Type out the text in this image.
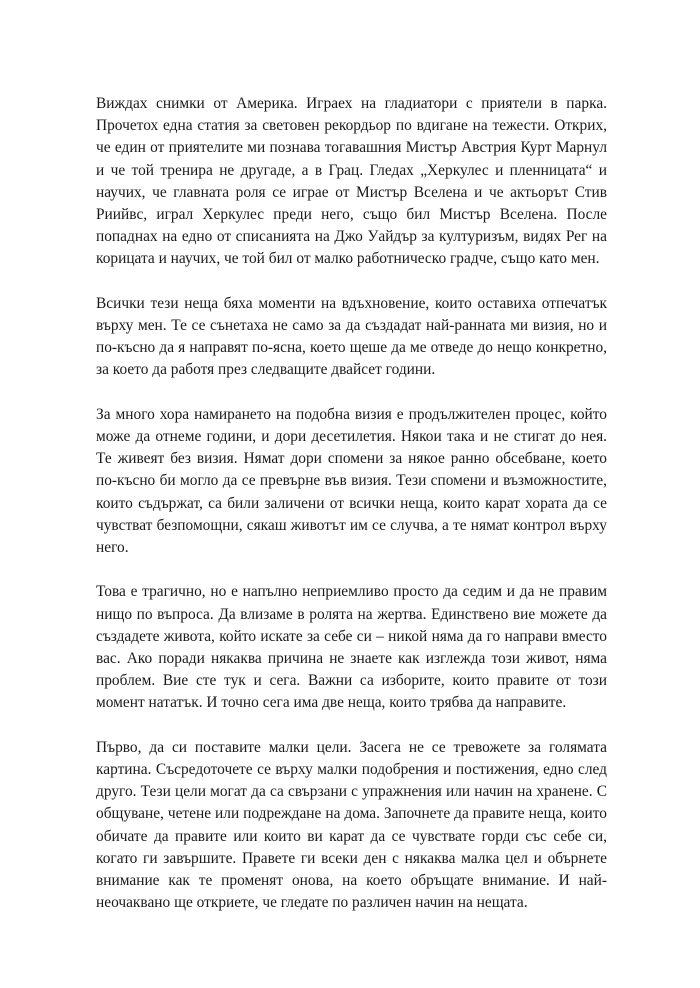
Виждах снимки от Америка. Играех на гладиатори с приятели в парка. Прочетох една статия за световен рекордьор по вдигане на тежести. Открих, че един от приятелите ми познава тогавашния Мистър Австрия Курт Марнул и че той тренира не другаде, а в Грац. Гледах „Херкулес и пленницата“ и научих, че главната роля се играе от Мистър Вселена и че актьорът Стив Риийвс, играл Херкулес преди него, също бил Мистър Вселена. После попаднах на едно от списанията на Джо Уайдър за културизъм, видях Рег на корицата и научих, че той бил от малко работническо градче, също като мен.

Всички тези неща бяха моменти на вдъхновение, които оставиха отпечатък върху мен. Те се сънетаха не само за да създадат най-ранната ми визия, но и по-късно да я направят по-ясна, което щеше да ме отведе до нещо конкретно, за което да работя през следващите двайсет години.

За много хора намирането на подобна визия е продължителен процес, който може да отнеме години, и дори десетилетия. Някои така и не стигат до нея. Те живеят без визия. Нямат дори спомени за някое ранно обсебване, което по-късно би могло да се превърне във визия. Тези спомени и възможностите, които съдържат, са били заличени от всички неща, които карат хората да се чувстват безпомощни, сякаш животът им се случва, а те нямат контрол върху него.

Това е трагично, но е напълно неприемливо просто да седим и да не правим нищо по въпроса. Да влизаме в ролята на жертва. Единствено вие можете да създадете живота, който искате за себе си – никой няма да го направи вместо вас. Ако поради някаква причина не знаете как изглежда този живот, няма проблем. Вие сте тук и сега. Важни са изборите, които правите от този момент нататък. И точно сега има две неща, които трябва да направите.

Първо, да си поставите малки цели. Засега не се тревожете за голямата картина. Съсредоточете се върху малки подобрения и постижения, едно след друго. Тези цели могат да са свързани с упражнения или начин на хранене. С общуване, четене или подреждане на дома. Започнете да правите неща, които обичате да правите или които ви карат да се чувствате горди със себе си, когато ги завършите. Правете ги всеки ден с някаква малка цел и обърнете внимание как те променят онова, на което обръщате внимание. И най-неочаквано ще откриете, че гледате по различен начин на нещата.
